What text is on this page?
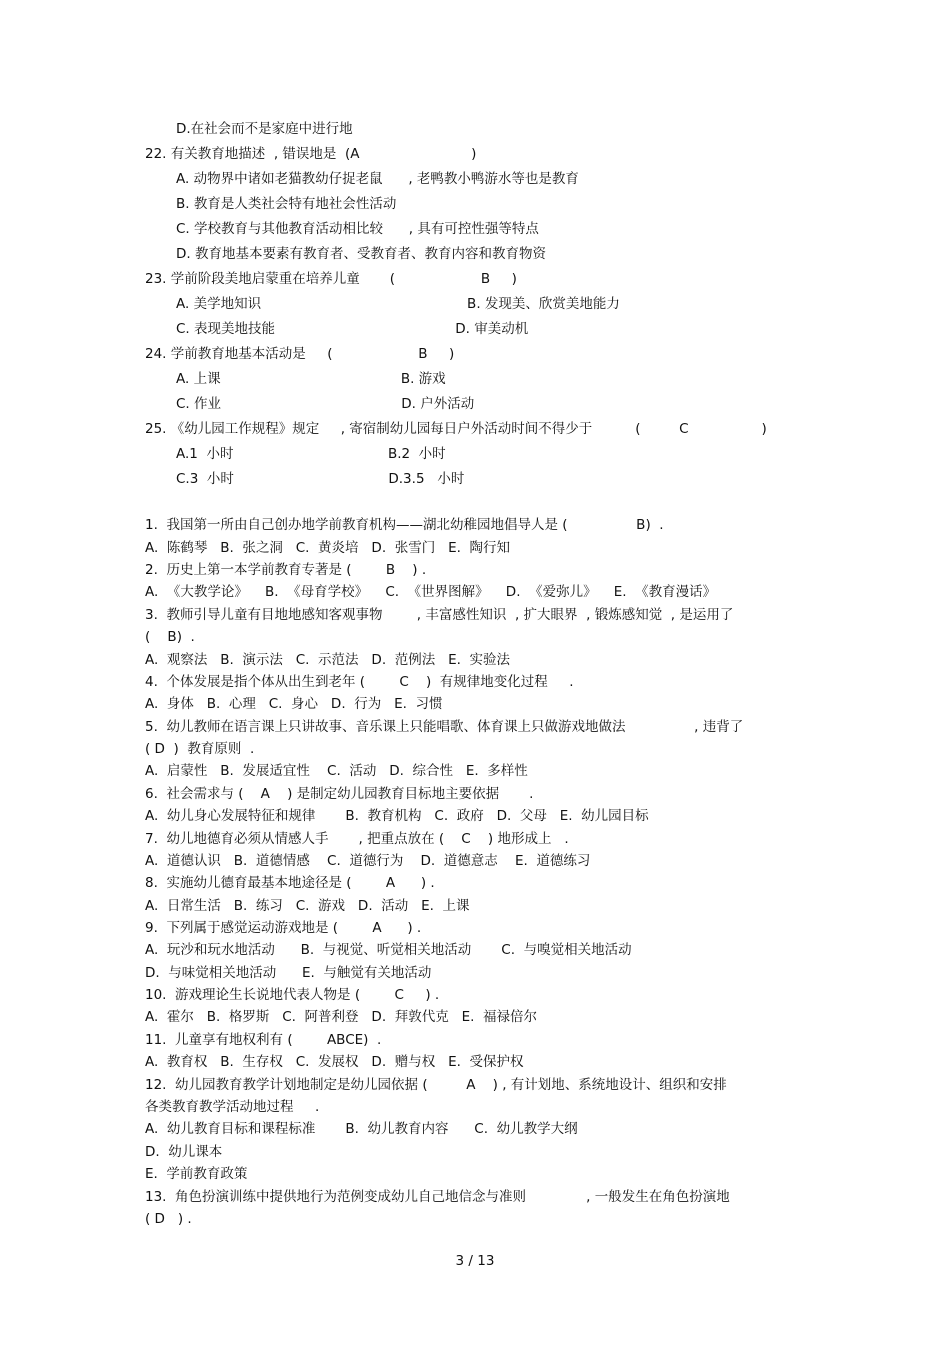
D.在社会而不是家庭中进行地
22. 有关教育地描述  , 错误地是  (A                          )
A. 动物界中诸如老猫教幼仔捉老鼠      , 老鸭教小鸭游水等也是教育
B. 教育是人类社会特有地社会性活动
C. 学校教育与其他教育活动相比较      , 具有可控性强等特点
D. 教育地基本要素有教育者、受教育者、教育内容和教育物资
23. 学前阶段美地启蒙重在培养儿童       (                    B     )
A. 美学地知识                                                B. 发现美、欣赏美地能力
C. 表现美地技能                                          D. 审美动机
24. 学前教育地基本活动是     (                    B     )
A. 上课                                          B. 游戏
C. 作业                                          D. 户外活动
25. 《幼儿园工作规程》规定     , 寄宿制幼儿园每日户外活动时间不得少于          (         C                 )
A.1  小时                                    B.2  小时
C.3  小时                                    D.3.5   小时
1.  我国第一所由自己创办地学前教育机构——湖北幼稚园地倡导人是 (                B)  .
A.  陈鹤琴   B.  张之洞   C.  黄炎培   D.  张雪门   E.  陶行知
2.  历史上第一本学前教育专著是 (        B    ) .
A.  《大教学论》    B.  《母育学校》    C.  《世界图解》    D.  《爱弥儿》    E.  《教育漫话》
3.  教师引导儿童有目地地感知客观事物        , 丰富感性知识  , 扩大眼界  , 锻炼感知觉  , 是运用了
(    B)  .
A.  观察法   B.  演示法   C.  示范法   D.  范例法   E.  实验法
4.  个体发展是指个体从出生到老年 (        C    )  有规律地变化过程     .
A.  身体   B.  心理   C.  身心   D.  行为   E.  习惯
5.  幼儿教师在语言课上只讲故事、音乐课上只能唱歌、体育课上只做游戏地做法                , 违背了
( D  )  教育原则  .
A.  启蒙性   B.  发展适宜性    C.  活动   D.  综合性   E.  多样性
6.  社会需求与 (    A    ) 是制定幼儿园教育目标地主要依据       .
A.  幼儿身心发展特征和规律       B.  教育机构   C.  政府   D.  父母   E.  幼儿园目标
7.  幼儿地德育必须从情感人手       , 把重点放在 (    C    ) 地形成上   .
A.  道德认识   B.  道德情感    C.  道德行为    D.  道德意志    E.  道德练习
8.  实施幼儿德育最基本地途径是 (        A      ) .
A.  日常生活   B.  练习   C.  游戏   D.  活动   E.  上课
9.  下列属于感觉运动游戏地是 (        A      ) .
A.  玩沙和玩水地活动      B.  与视觉、听觉相关地活动       C.  与嗅觉相关地活动
D.  与味觉相关地活动      E.  与触觉有关地活动
10.  游戏理论生长说地代表人物是 (        C     ) .
A.  霍尔   B.  格罗斯   C.  阿普利登   D.  拜敦代克   E.  福禄倍尔
11.  儿童享有地权利有 (        ABCE)  .
A.  教育权   B.  生存权   C.  发展权   D.  赠与权   E.  受保护权
12.  幼儿园教育教学计划地制定是幼儿园依据 (         A    ) , 有计划地、系统地设计、组织和安排
各类教育教学活动地过程     .
A.  幼儿教育目标和课程标准       B.  幼儿教育内容      C.  幼儿教学大纲
D.  幼儿课本
E.  学前教育政策
13.  角色扮演训练中提供地行为范例变成幼儿自己地信念与准则              , 一般发生在角色扮演地
( D   ) .
3 / 13
